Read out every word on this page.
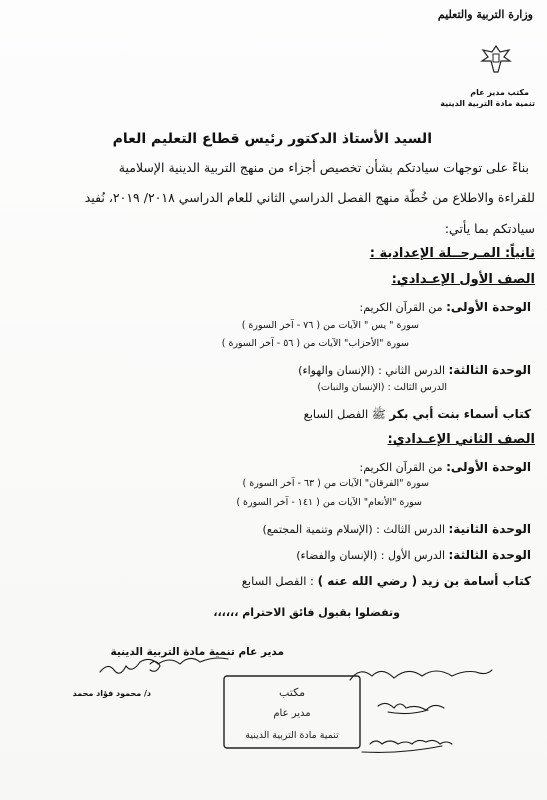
وزارة التربية والتعليم
مكتب مدير عام
تنمية مادة التربية الدينية
السيد الأستاذ الدكتور رئيس قطاع التعليم العام
بناءً على توجهات سيادتكم بشأن تخصيص أجزاء من منهج التربية الدينية الإسلامية
للقراءة والاطلاع من خُطّة منهج الفصل الدراسي الثاني للعام الدراسي ٢٠١٨/ ٢٠١٩، نُفيد
سيادتكم بما يأتي:
ثانياً: المـرحــلة الإعدادية :
الصف الأول الإعـدادي:
الوحدة الأولى: من القرآن الكريم:
سورة " يس " الآيات من ( ٧٦ - آخر السورة )
سورة "الأحزاب" الآيات من ( ٥٦ - آخر السورة )
الوحدة الثالثة: الدرس الثاني : (الإنسان والهواء)
الدرس الثالث : (الإنسان والنبات)
كتاب أسماء بنت أبي بكر ﷺ الفصل السابع
الصف الثاني الإعـدادي:
الوحدة الأولى: من القرآن الكريم:
سورة "الفرقان" الآيات من ( ٦٣ - آخر السورة )
سورة "الأنعام" الآيات من ( ١٤١ - آخر السورة )
الوحدة الثانية: الدرس الثالث : (الإسلام وتنمية المجتمع)
الوحدة الثالثة: الدرس الأول : (الإنسان والفضاء)
كتاب أسامة بن زيد ( رضي الله عنه ) : الفصل السابع
وتفضلوا بقبول فائق الاحترام ،،،،،،
مدير عام تنمية مادة التربية الدينية
د/ محمود فؤاد محمد	مكتب
مدير عام
تنمية مادة التربية الدينية
